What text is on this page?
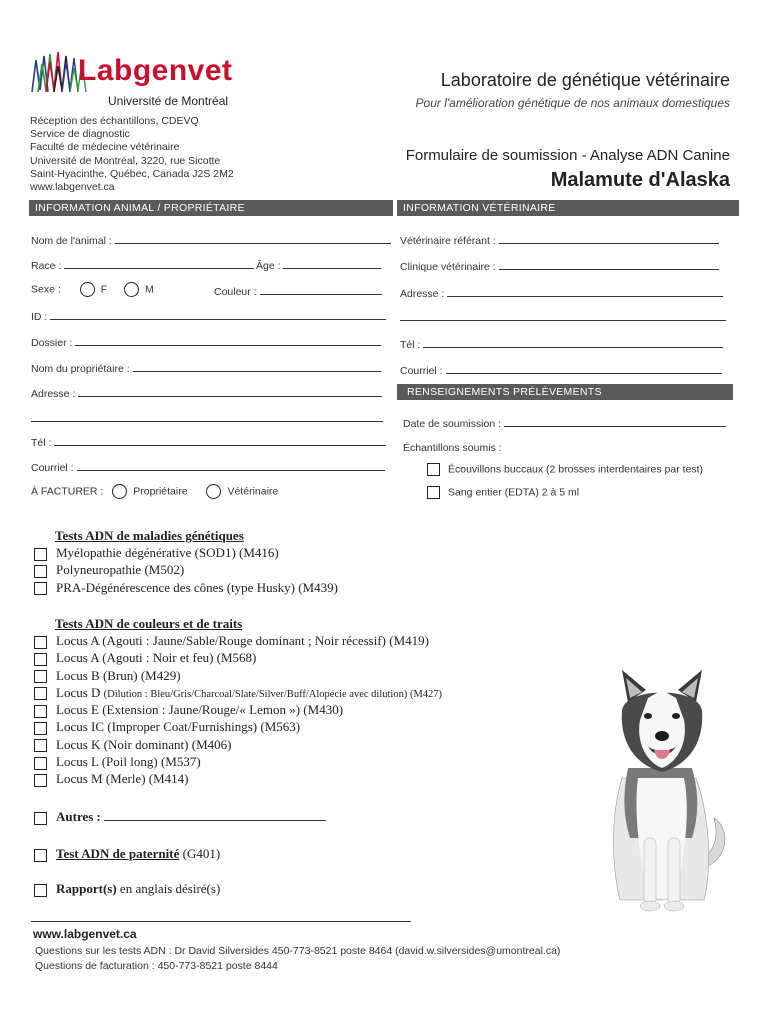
Labgenvet
Université de Montréal
Laboratoire de génétique vétérinaire
Pour l'amélioration génétique de nos animaux domestiques
Formulaire de soumission - Analyse ADN Canine
Malamute d'Alaska
Réception des échantillons, CDEVQ
Service de diagnostic
Faculté de médecine vétérinaire
Université de Montréal, 3220, rue Sicotte
Saint-Hyacinthe, Québec, Canada J2S 2M2
www.labgenvet.ca
INFORMATION ANIMAL / PROPRIÉTAIRE	INFORMATION VÉTÉRINAIRE
Nom de l'animal :
Race :	Âge :
Sexe :	F	M	Couleur :
ID :
Dossier :
Nom du propriétaire :
Adresse :
Tél :
Courriel :
À FACTURER :	Propriétaire	Vétérinaire
Vétérinaire référant :
Clinique vétérinaire :
Adresse :
Tél :
Courriel :
RENSEIGNEMENTS PRÉLÈVEMENTS
Date de soumission :
Échantillons soumis :
Écouvillons buccaux (2 brosses interdentaires par test)
Sang entier (EDTA) 2 à 5 ml
Tests ADN de maladies génétiques
Myélopathie dégénérative (SOD1) (M416)
Polyneuropathie (M502)
PRA-Dégénérescence des cônes (type Husky) (M439)
Tests ADN de couleurs et de traits
Locus A (Agouti : Jaune/Sable/Rouge dominant ; Noir récessif) (M419)
Locus A (Agouti : Noir et feu) (M568)
Locus B (Brun) (M429)
Locus D (Dilution : Bleu/Gris/Charcoal/Slate/Silver/Buff/Alopécie avec dilution) (M427)
Locus E (Extension : Jaune/Rouge/« Lemon ») (M430)
Locus IC (Improper Coat/Furnishings) (M563)
Locus K (Noir dominant) (M406)
Locus L (Poil long) (M537)
Locus M (Merle) (M414)
Autres :
Test ADN de paternité (G401)
Rapport(s) en anglais désiré(s)
www.labgenvet.ca
Questions sur les tests ADN : Dr David Silversides 450-773-8521 poste 8464 (david.w.silversides@umontreal.ca)
Questions de facturation : 450-773-8521 poste 8444
